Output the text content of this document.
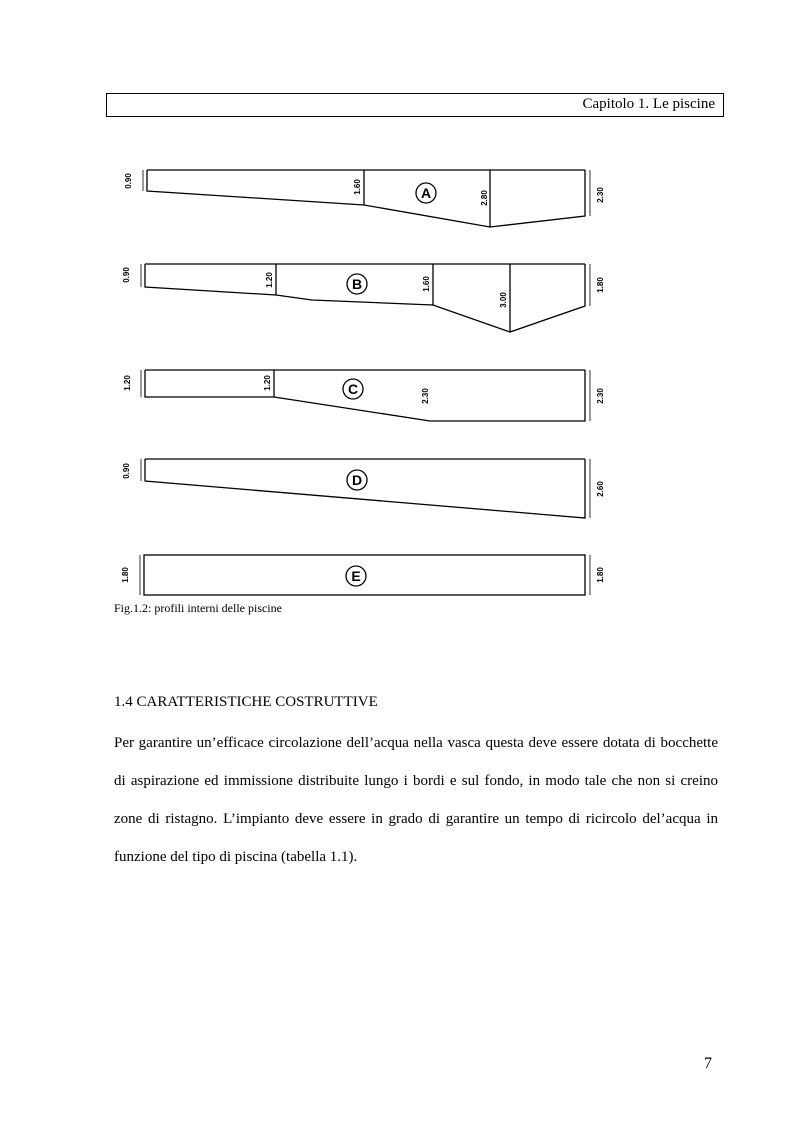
Capitolo 1. Le piscine
A
B
C
D
E
0.90	1.60
2.80	2.30
0.90	1.20	1.60
3.00
1.80
1.20	1.20
2.30	2.30
0.90
2.60
1.80	1.80
Fig.1.2: profili interni delle piscine
1.4 CARATTERISTICHE COSTRUTTIVE

Per garantire un’efficace circolazione dell’acqua nella vasca questa deve essere dotata di bocchette di aspirazione ed immissione distribuite lungo i bordi e sul fondo, in modo tale che non si creino zone di ristagno. L’impianto deve essere in grado di garantire un tempo di ricircolo del’acqua in funzione del tipo di piscina (tabella 1.1).

7
